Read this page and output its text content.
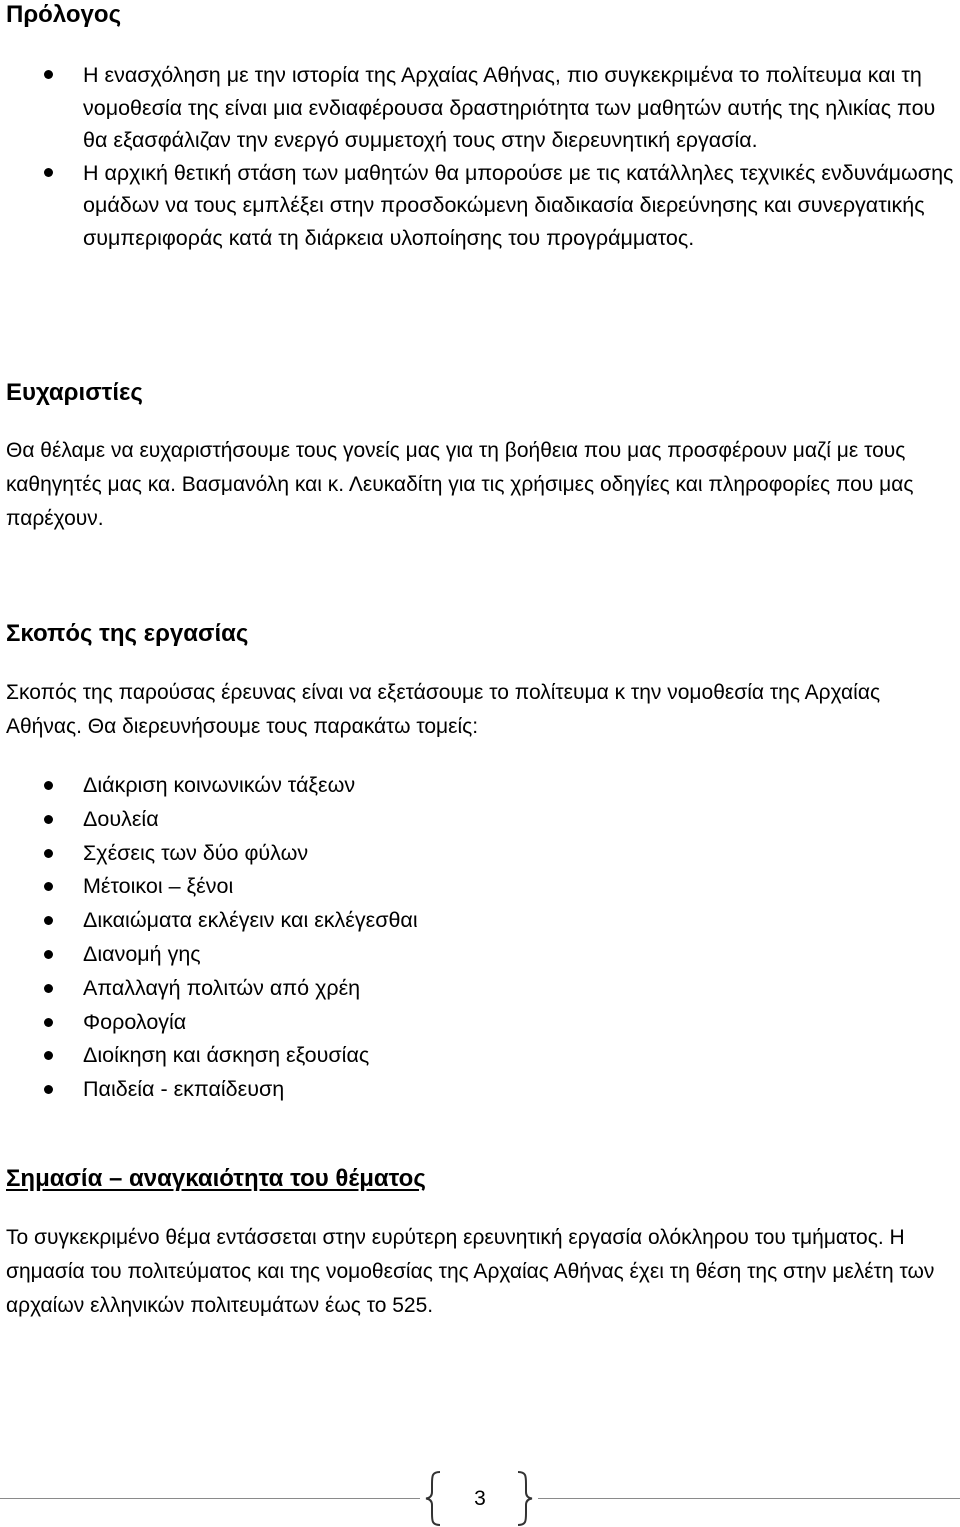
Πρόλογος
Η ενασχόληση με την ιστορία της Αρχαίας Αθήνας, πιο συγκεκριμένα το πολίτευμα και τη νομοθεσία της είναι μια ενδιαφέρουσα δραστηριότητα των μαθητών αυτής της ηλικίας που θα εξασφάλιζαν την ενεργό συμμετοχή τους στην διερευνητική εργασία.
Η αρχική θετική στάση των μαθητών θα μπορούσε με τις κατάλληλες τεχνικές ενδυνάμωσης ομάδων να τους εμπλέξει στην προσδοκώμενη διαδικασία διερεύνησης και συνεργατικής συμπεριφοράς κατά τη διάρκεια υλοποίησης του προγράμματος.
Ευχαριστίες

Θα θέλαμε να ευχαριστήσουμε τους γονείς μας για τη βοήθεια που μας προσφέρουν μαζί με τους καθηγητές μας κα. Βασμανόλη και κ. Λευκαδίτη για τις χρήσιμες οδηγίες και πληροφορίες που μας παρέχουν.

Σκοπός της εργασίας

Σκοπός της παρούσας έρευνας είναι να εξετάσουμε το πολίτευμα κ την νομοθεσία της Αρχαίας Αθήνας. Θα διερευνήσουμε τους παρακάτω τομείς:

Διάκριση κοινωνικών τάξεων
Δουλεία
Σχέσεις των δύο φύλων
Μέτοικοι – ξένοι
Δικαιώματα εκλέγειν και εκλέγεσθαι
Διανομή γης
Απαλλαγή πολιτών από χρέη
Φορολογία
Διοίκηση και άσκηση εξουσίας
Παιδεία - εκπαίδευση
Σημασία – αναγκαιότητα του θέματος

Το συγκεκριμένο θέμα εντάσσεται στην ευρύτερη ερευνητική εργασία ολόκληρου του τμήματος. Η σημασία του πολιτεύματος και της νομοθεσίας της Αρχαίας Αθήνας έχει τη θέση της στην μελέτη των αρχαίων ελληνικών πολιτευμάτων έως το 525.

3
